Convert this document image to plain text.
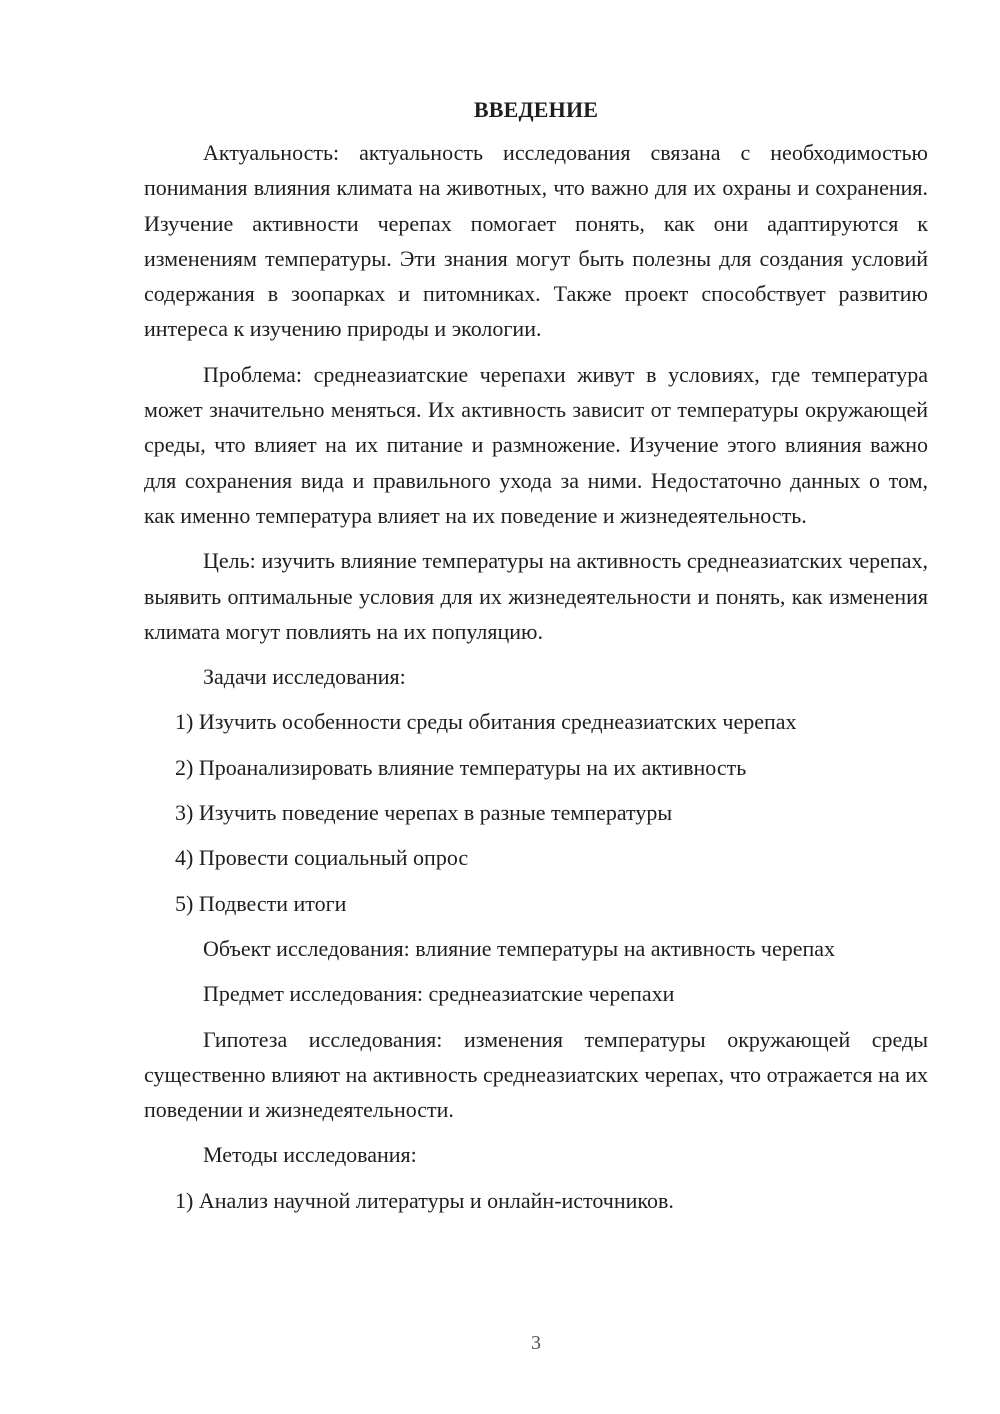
ВВЕДЕНИЕ

Актуальность: актуальность исследования связана с необходимостью понимания влияния климата на животных, что важно для их охраны и сохранения. Изучение активности черепах помогает понять, как они адаптируются к изменениям температуры. Эти знания могут быть полезны для создания условий содержания в зоопарках и питомниках. Также проект способствует развитию интереса к изучению природы и экологии.

Проблема: среднеазиатские черепахи живут в условиях, где температура может значительно меняться. Их активность зависит от температуры окружающей среды, что влияет на их питание и размножение. Изучение этого влияния важно для сохранения вида и правильного ухода за ними. Недостаточно данных о том, как именно температура влияет на их поведение и жизнедеятельность.

Цель: изучить влияние температуры на активность среднеазиатских черепах, выявить оптимальные условия для их жизнедеятельности и понять, как изменения климата могут повлиять на их популяцию.

Задачи исследования:

1) Изучить особенности среды обитания среднеазиатских черепах

2) Проанализировать влияние температуры на их активность

3) Изучить поведение черепах в разные температуры

4) Провести социальный опрос

5) Подвести итоги

Объект исследования: влияние температуры на активность черепах

Предмет исследования: среднеазиатские черепахи

Гипотеза исследования: изменения температуры окружающей среды существенно влияют на активность среднеазиатских черепах, что отражается на их поведении и жизнедеятельности.

Методы исследования:

1) Анализ научной литературы и онлайн-источников.

3
